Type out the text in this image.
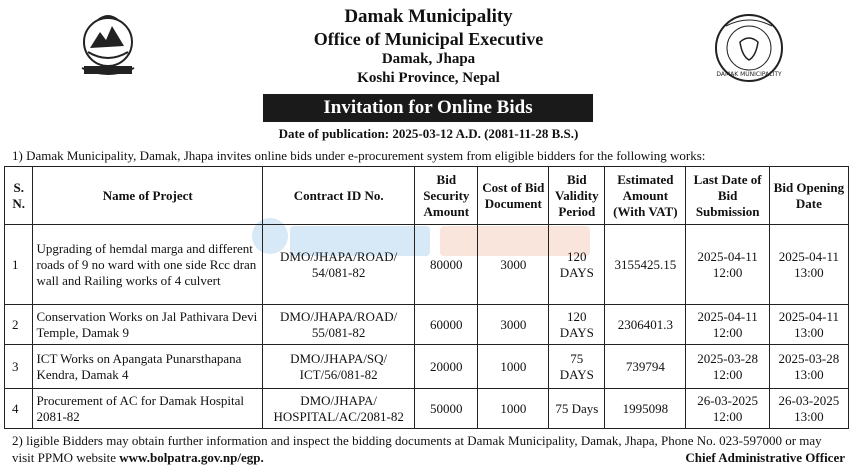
Damak Municipality
Office of Municipal Executive
Damak, Jhapa
Koshi Province, Nepal	DAMAK MUNICIPALITY
Invitation for Online Bids
Date of publication: 2025-03-12 A.D. (2081-11-28 B.S.)
1) Damak Municipality, Damak, Jhapa invites online bids under e-procurement system from eligible bidders for the following works:
S. N.	Name of Project	Contract ID No.	Bid Security Amount	Cost of Bid Document	Bid Validity Period	Estimated Amount (With VAT)	Last Date of Bid Submission	Bid Opening Date
1	Upgrading of hemdal marga and different roads of 9 no ward with one side Rcc dran wall and Railing works of 4 culvert	DMO/JHAPA/ROAD/ 54/081-82	80000	3000	120 DAYS	3155425.15	2025-04-11 12:00	2025-04-11 13:00
2	Conservation Works on Jal Pathivara Devi Temple, Damak 9	DMO/JHAPA/ROAD/ 55/081-82	60000	3000	120 DAYS	2306401.3	2025-04-11 12:00	2025-04-11 13:00
3	ICT Works on Apangata Punarsthapana Kendra, Damak 4	DMO/JHAPA/SQ/ ICT/56/081-82	20000	1000	75 DAYS	739794	2025-03-28 12:00	2025-03-28 13:00
4	Procurement of AC for Damak Hospital 2081-82	DMO/JHAPA/ HOSPITAL/AC/2081-82	50000	1000	75 Days	1995098	26-03-2025 12:00	26-03-2025 13:00
2) ligible Bidders may obtain further information and inspect the bidding documents at Damak Municipality, Damak, Jhapa, Phone No. 023-597000 or may visit PPMO website www.bolpatra.gov.np/egp.	Chief Administrative Officer
